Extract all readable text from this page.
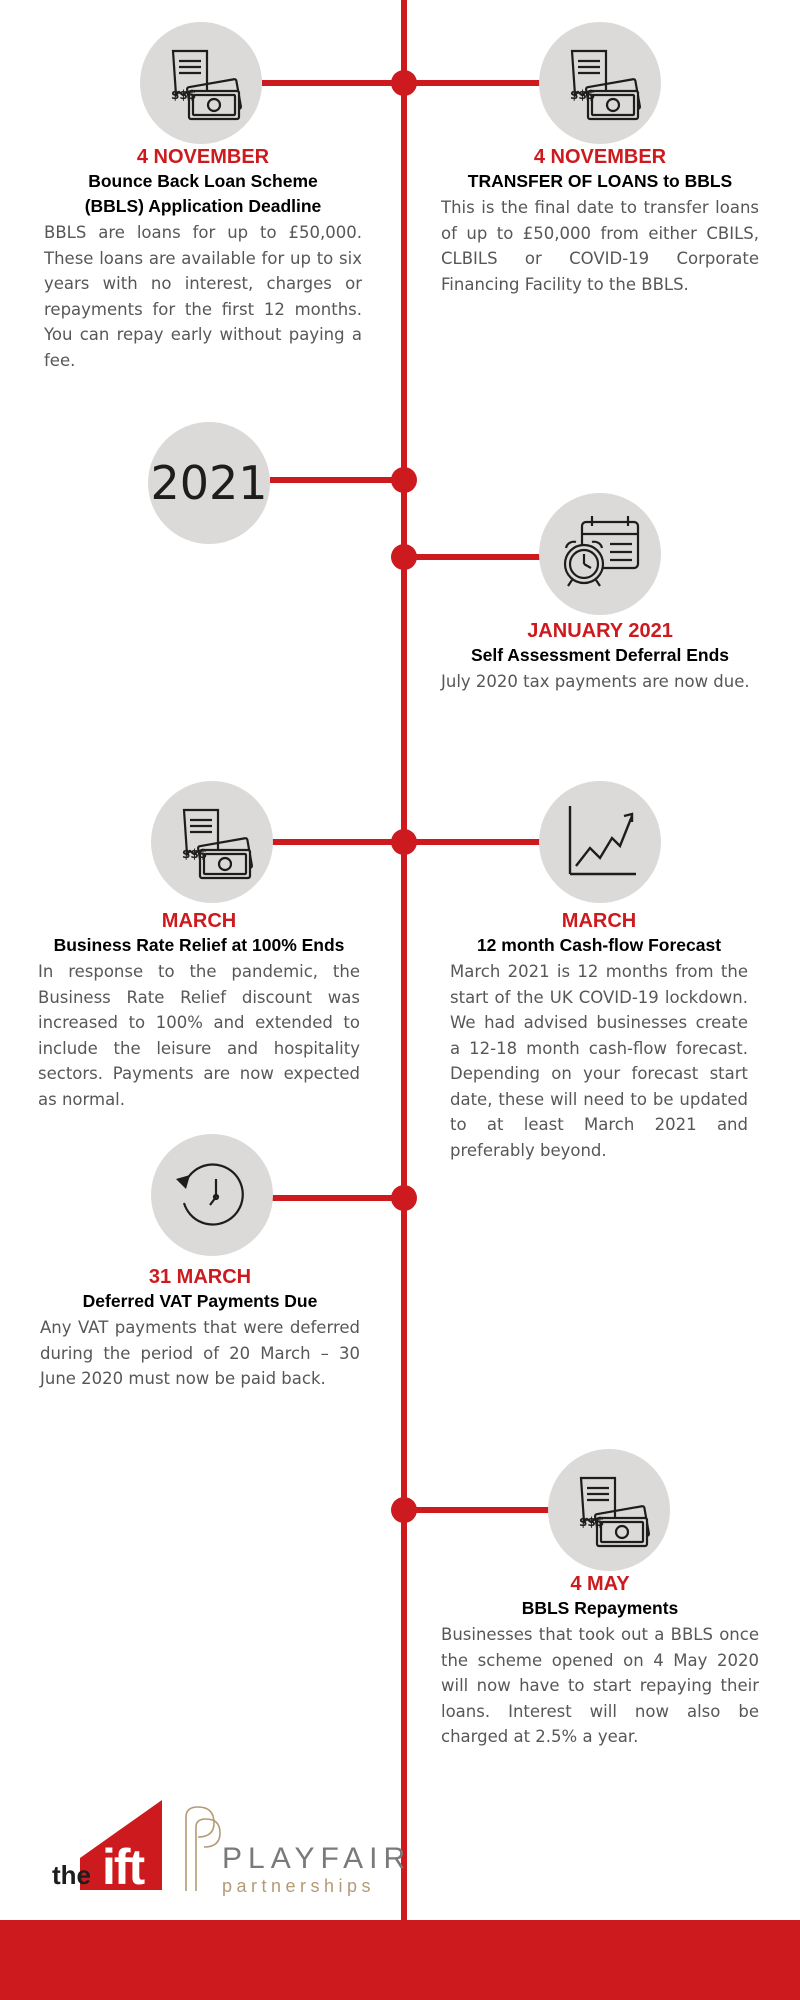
$$$	$$$
2021
$$$
$$$
4 NOVEMBER
Bounce Back Loan Scheme (BBLS) Application Deadline
BBLS are loans for up to £50,000. These loans are available for up to six years with no interest, charges or repayments for the first 12 months. You can repay early without paying a fee.
4 NOVEMBER
TRANSFER OF LOANS to BBLS
This is the final date to transfer loans of up to £50,000 from either CBILS, CLBILS or COVID-19 Corporate Financing Facility to the BBLS.
JANUARY 2021
Self Assessment Deferral Ends
July 2020 tax payments are now due.
MARCH
Business Rate Relief at 100% Ends
In response to the pandemic, the Business Rate Relief discount was increased to 100% and extended to include the leisure and hospitality sectors. Payments are now expected as normal.
MARCH
12 month Cash-flow Forecast
March 2021 is 12 months from the start of the UK COVID-19 lockdown. We had advised businesses create a 12-18 month cash-flow forecast. Depending on your forecast start date, these will need to be updated to at least March 2021 and preferably beyond.
31 MARCH
Deferred VAT Payments Due
Any VAT payments that were deferred during the period of 20 March – 30 June 2020 must now be paid back.
4 MAY
BBLS Repayments
Businesses that took out a BBLS once the scheme opened on 4 May 2020 will now have to start repaying their loans. Interest will now also be charged at 2.5% a year.
the ift	PLAYFAIR
partnerships
